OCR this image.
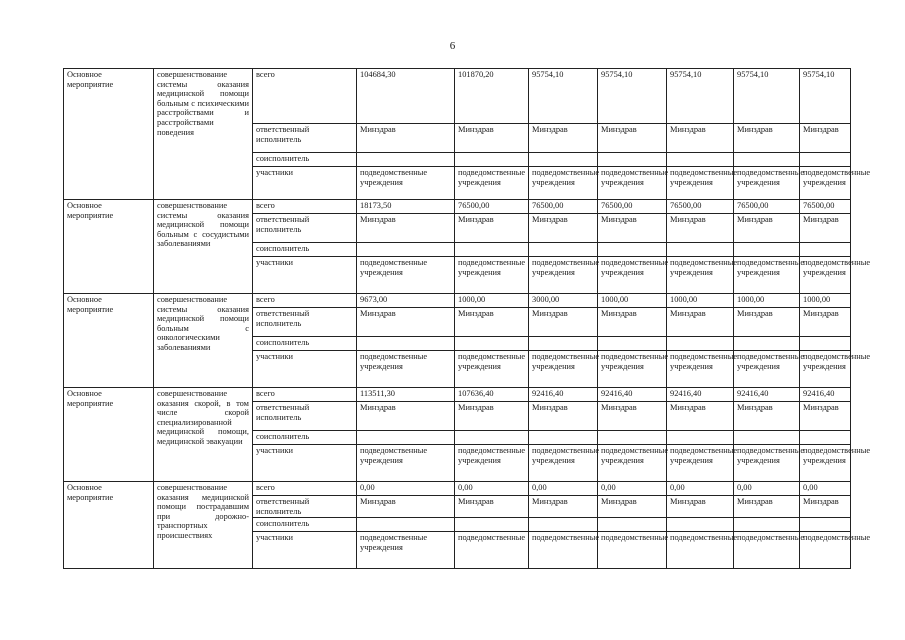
6
Основное мероприятие	совершенствование системы оказания медицинской помощи больным с психическими расстройствами и расстройствами поведения	всего	104684,30	101870,20	95754,10	95754,10	95754,10	95754,10	95754,10
		ответственный исполнитель	Минздрав	Минздрав	Минздрав	Минздрав	Минздрав	Минздрав	Минздрав
		соисполнитель							
		участники	подведомственные учреждения	подведомственные учреждения	подведомственные учреждения	подведомственные учреждения	подведомственные учреждения	подведомственные учреждения	подведомственные учреждения
Основное мероприятие	совершенствование системы оказания медицинской помощи больным с сосудистыми заболеваниями	всего	18173,50	76500,00	76500,00	76500,00	76500,00	76500,00	76500,00
		ответственный исполнитель	Минздрав	Минздрав	Минздрав	Минздрав	Минздрав	Минздрав	Минздрав
		соисполнитель							
		участники	подведомственные учреждения	подведомственные учреждения	подведомственные учреждения	подведомственные учреждения	подведомственные учреждения	подведомственные учреждения	подведомственные учреждения
Основное мероприятие	совершенствование системы оказания медицинской помощи больным с онкологическими заболеваниями	всего	9673,00	1000,00	3000,00	1000,00	1000,00	1000,00	1000,00
		ответственный исполнитель	Минздрав	Минздрав	Минздрав	Минздрав	Минздрав	Минздрав	Минздрав
		соисполнитель							
		участники	подведомственные учреждения	подведомственные учреждения	подведомственные учреждения	подведомственные учреждения	подведомственные учреждения	подведомственные учреждения	подведомственные учреждения
Основное мероприятие	совершенствование оказания скорой, в том числе скорой специализированной медицинской помощи, медицинской эвакуации	всего	113511,30	107636,40	92416,40	92416,40	92416,40	92416,40	92416,40
		ответственный исполнитель	Минздрав	Минздрав	Минздрав	Минздрав	Минздрав	Минздрав	Минздрав
		соисполнитель							
		участники	подведомственные учреждения	подведомственные учреждения	подведомственные учреждения	подведомственные учреждения	подведомственные учреждения	подведомственные учреждения	подведомственные учреждения
Основное мероприятие	совершенствование оказания медицинской помощи пострадавшим при дорожно-транспортных происшествиях	всего	0,00	0,00	0,00	0,00	0,00	0,00	0,00
		ответственный исполнитель	Минздрав	Минздрав	Минздрав	Минздрав	Минздрав	Минздрав	Минздрав
		соисполнитель							
		участники	подведомственные учреждения	подведомственные	подведомственные	подведомственные	подведомственные	подведомственные	подведомственные
